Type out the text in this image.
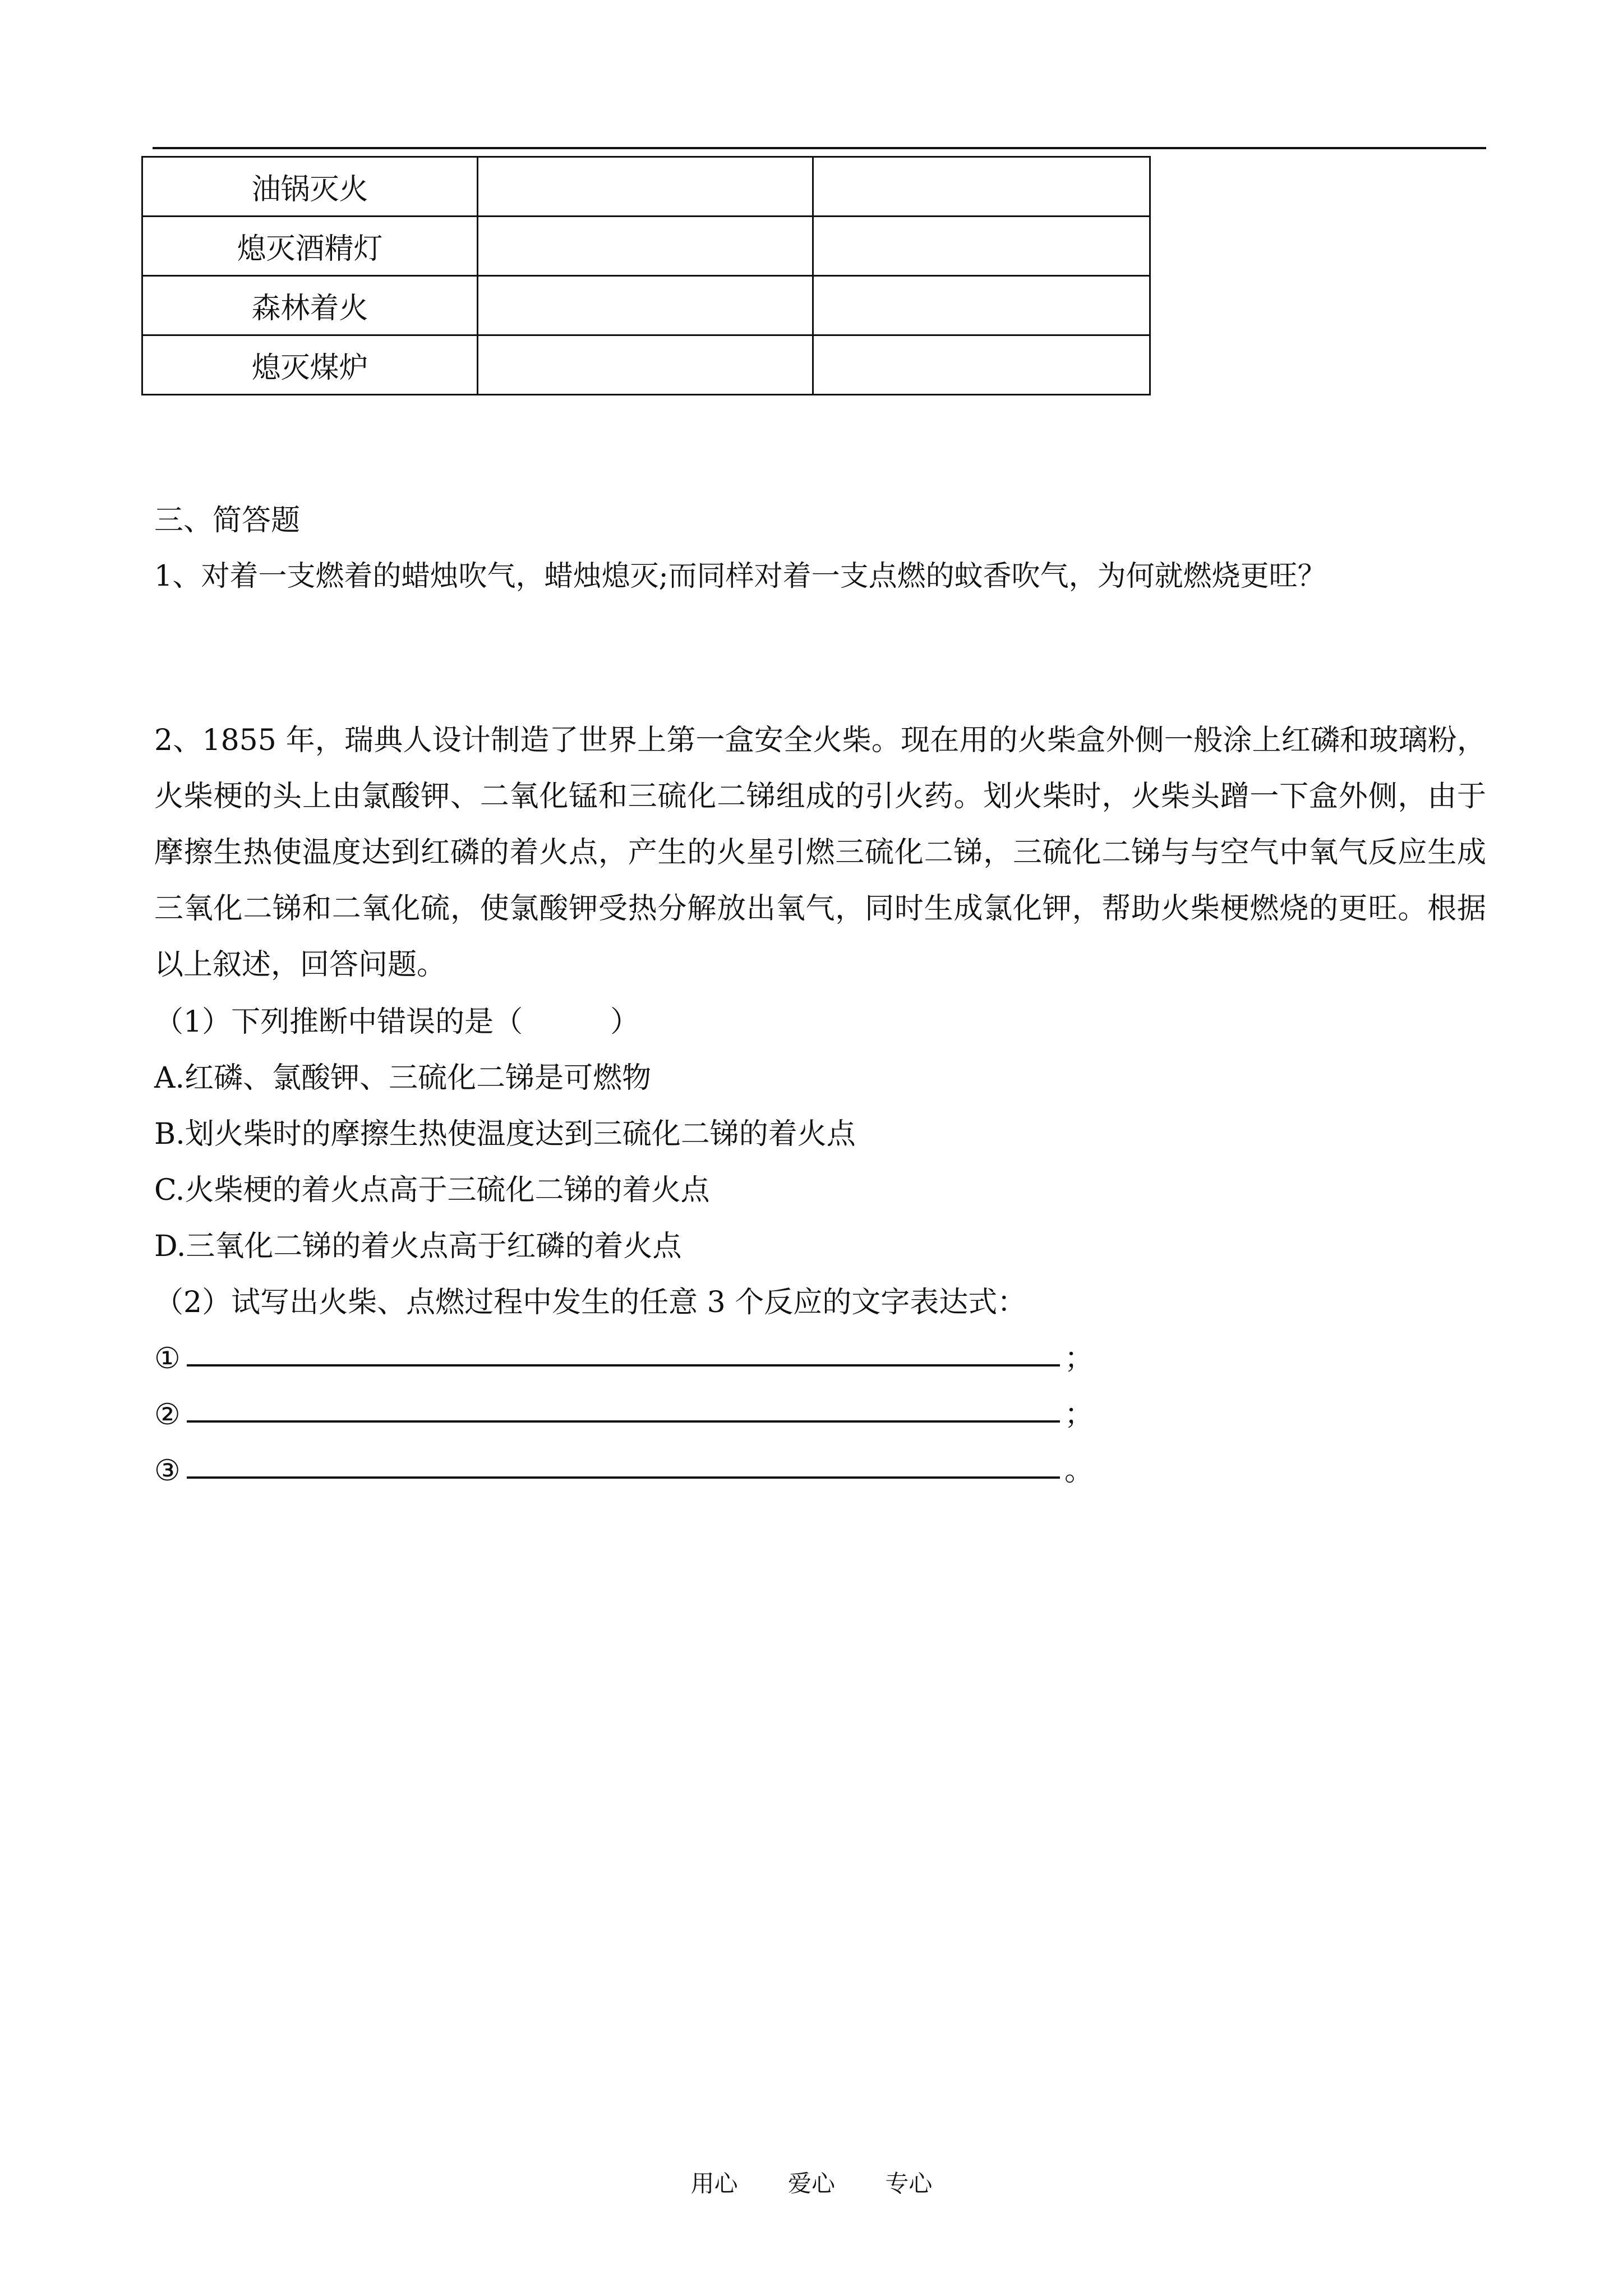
油锅灭火		
熄灭酒精灯		
森林着火		
熄灭煤炉		
三、简答题
1、对着一支燃着的蜡烛吹气，蜡烛熄灭;而同样对着一支点燃的蚊香吹气，为何就燃烧更旺？
2、1855 年，瑞典人设计制造了世界上第一盒安全火柴。现在用的火柴盒外侧一般涂上红磷和玻璃粉，火柴梗的头上由氯酸钾、二氧化锰和三硫化二锑组成的引火药。划火柴时，火柴头蹭一下盒外侧，由于摩擦生热使温度达到红磷的着火点，产生的火星引燃三硫化二锑，三硫化二锑与与空气中氧气反应生成三氧化二锑和二氧化硫，使氯酸钾受热分解放出氧气，同时生成氯化钾，帮助火柴梗燃烧的更旺。根据以上叙述，回答问题。
（1）下列推断中错误的是（　　　）
A.红磷、氯酸钾、三硫化二锑是可燃物
B.划火柴时的摩擦生热使温度达到三硫化二锑的着火点
C.火柴梗的着火点高于三硫化二锑的着火点
D.三氧化二锑的着火点高于红磷的着火点
（2）试写出火柴、点燃过程中发生的任意 3 个反应的文字表达式：
①	；
②	；
③	。
用心 爱心 专心
